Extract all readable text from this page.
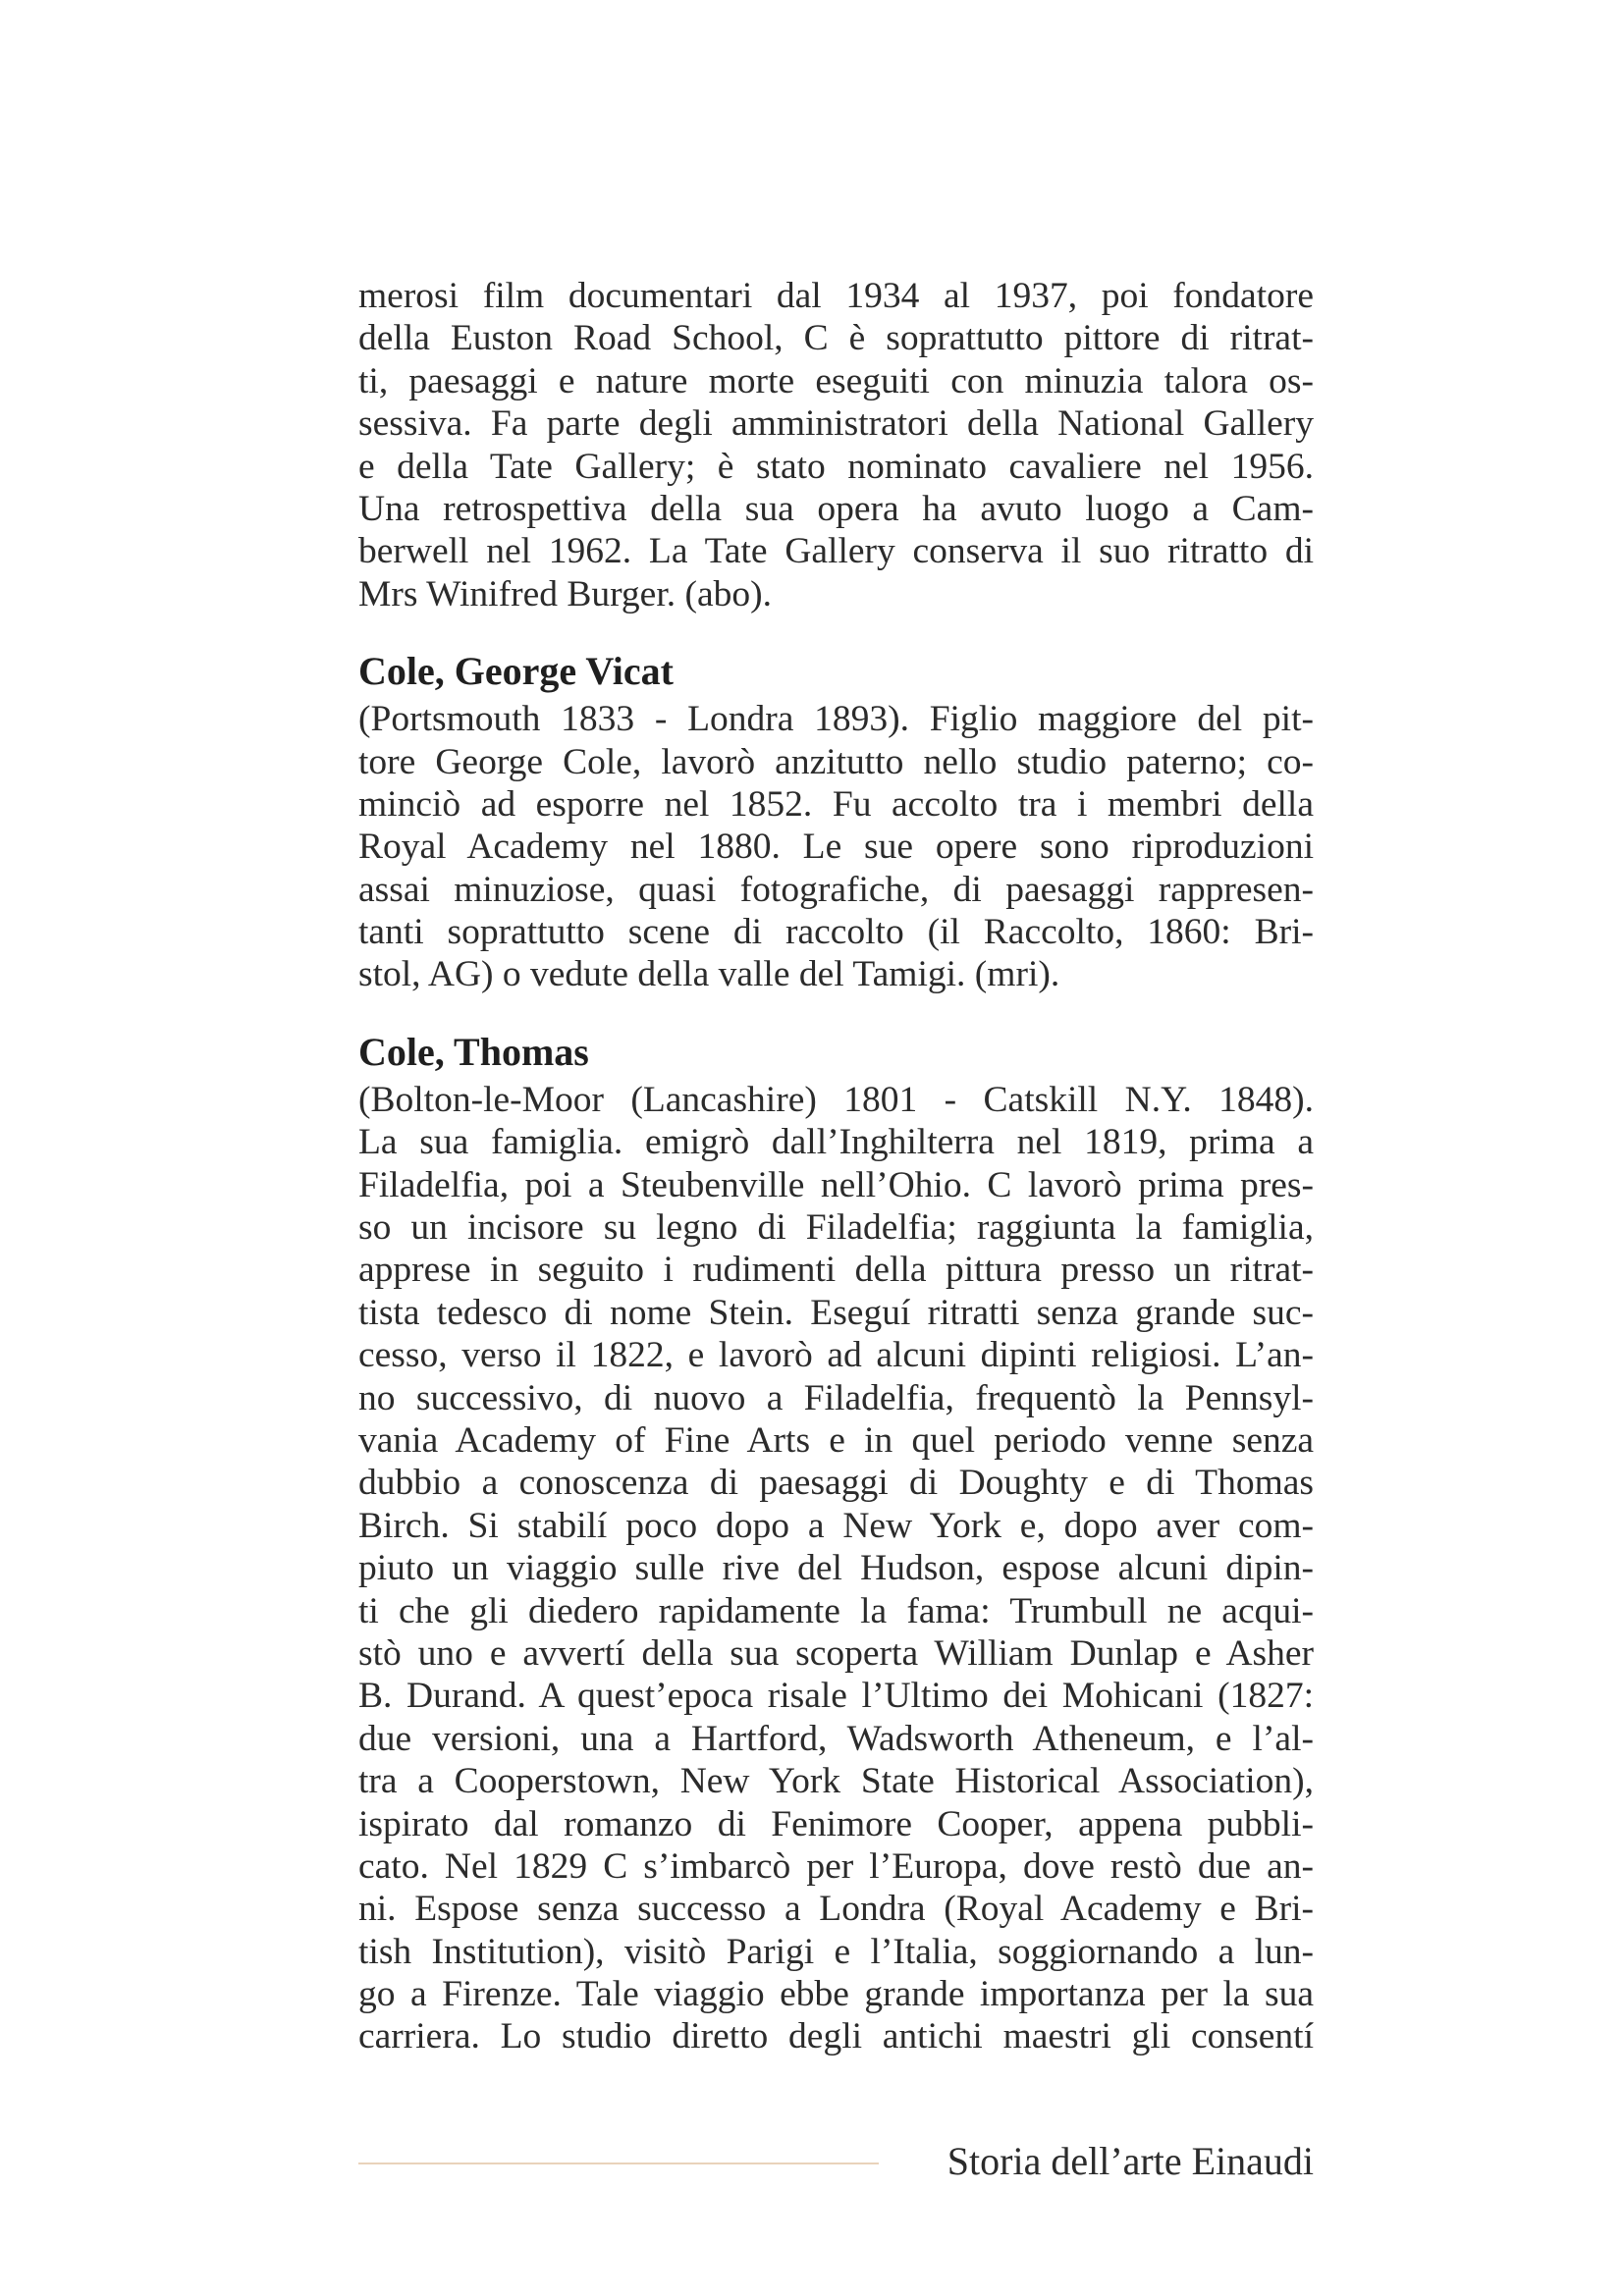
merosi film documentari dal 1934 al 1937, poi fondatore
della Euston Road School, C è soprattutto pittore di ritrat-
ti, paesaggi e nature morte eseguiti con minuzia talora os-
sessiva. Fa parte degli amministratori della National Gallery
e della Tate Gallery; è stato nominato cavaliere nel 1956.
Una retrospettiva della sua opera ha avuto luogo a Cam-
berwell nel 1962. La Tate Gallery conserva il suo ritratto di
Mrs Winifred Burger. (abo).
Cole, George Vicat
(Portsmouth 1833 - Londra 1893). Figlio maggiore del pit-
tore George Cole, lavorò anzitutto nello studio paterno; co-
minciò ad esporre nel 1852. Fu accolto tra i membri della
Royal Academy nel 1880. Le sue opere sono riproduzioni
assai minuziose, quasi fotografiche, di paesaggi rappresen-
tanti soprattutto scene di raccolto (il Raccolto, 1860: Bri-
stol, AG) o vedute della valle del Tamigi. (mri).
Cole, Thomas
(Bolton-le-Moor (Lancashire) 1801 - Catskill N.Y. 1848).
La sua famiglia. emigrò dall’Inghilterra nel 1819, prima a
Filadelfia, poi a Steubenville nell’Ohio. C lavorò prima pres-
so un incisore su legno di Filadelfia; raggiunta la famiglia,
apprese in seguito i rudimenti della pittura presso un ritrat-
tista tedesco di nome Stein. Eseguí ritratti senza grande suc-
cesso, verso il 1822, e lavorò ad alcuni dipinti religiosi. L’an-
no successivo, di nuovo a Filadelfia, frequentò la Pennsyl-
vania Academy of Fine Arts e in quel periodo venne senza
dubbio a conoscenza di paesaggi di Doughty e di Thomas
Birch. Si stabilí poco dopo a New York e, dopo aver com-
piuto un viaggio sulle rive del Hudson, espose alcuni dipin-
ti che gli diedero rapidamente la fama: Trumbull ne acqui-
stò uno e avvertí della sua scoperta William Dunlap e Asher
B. Durand. A quest’epoca risale l’Ultimo dei Mohicani (1827:
due versioni, una a Hartford, Wadsworth Atheneum, e l’al-
tra a Cooperstown, New York State Historical Association),
ispirato dal romanzo di Fenimore Cooper, appena pubbli-
cato. Nel 1829 C s’imbarcò per l’Europa, dove restò due an-
ni. Espose senza successo a Londra (Royal Academy e Bri-
tish Institution), visitò Parigi e l’Italia, soggiornando a lun-
go a Firenze. Tale viaggio ebbe grande importanza per la sua
carriera. Lo studio diretto degli antichi maestri gli consentí
Storia dell’arte Einaudi
